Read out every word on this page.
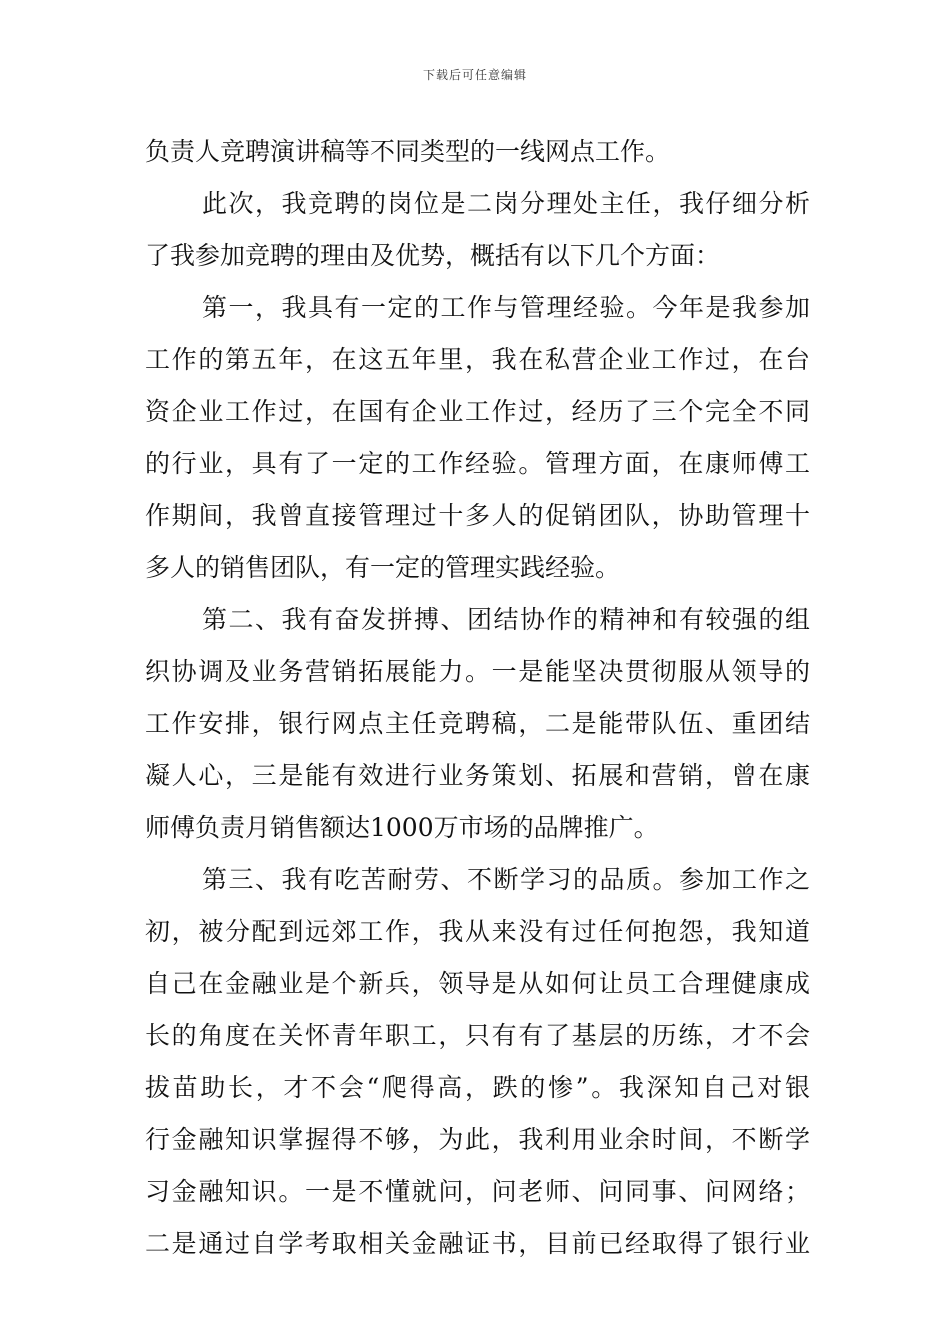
下载后可任意编辑
负责人竞聘演讲稿等不同类型的一线网点工作。
此次，我竞聘的岗位是二岗分理处主任，我仔细分析
了我参加竞聘的理由及优势，概括有以下几个方面：
第一，我具有一定的工作与管理经验。今年是我参加
工作的第五年，在这五年里，我在私营企业工作过，在台
资企业工作过，在国有企业工作过，经历了三个完全不同
的行业，具有了一定的工作经验。管理方面，在康师傅工
作期间，我曾直接管理过十多人的促销团队，协助管理十
多人的销售团队，有一定的管理实践经验。
第二、我有奋发拼搏、团结协作的精神和有较强的组
织协调及业务营销拓展能力。一是能坚决贯彻服从领导的
工作安排，银行网点主任竞聘稿，二是能带队伍、重团结
凝人心，三是能有效进行业务策划、拓展和营销，曾在康
师傅负责月销售额达1000万市场的品牌推广。
第三、我有吃苦耐劳、不断学习的品质。参加工作之
初，被分配到远郊工作，我从来没有过任何抱怨，我知道
自己在金融业是个新兵，领导是从如何让员工合理健康成
长的角度在关怀青年职工，只有有了基层的历练，才不会
拔苗助长，才不会“爬得高，跌的惨”。我深知自己对银
行金融知识掌握得不够，为此，我利用业余时间，不断学
习金融知识。一是不懂就问，问老师、问同事、问网络；
二是通过自学考取相关金融证书，目前已经取得了银行业
